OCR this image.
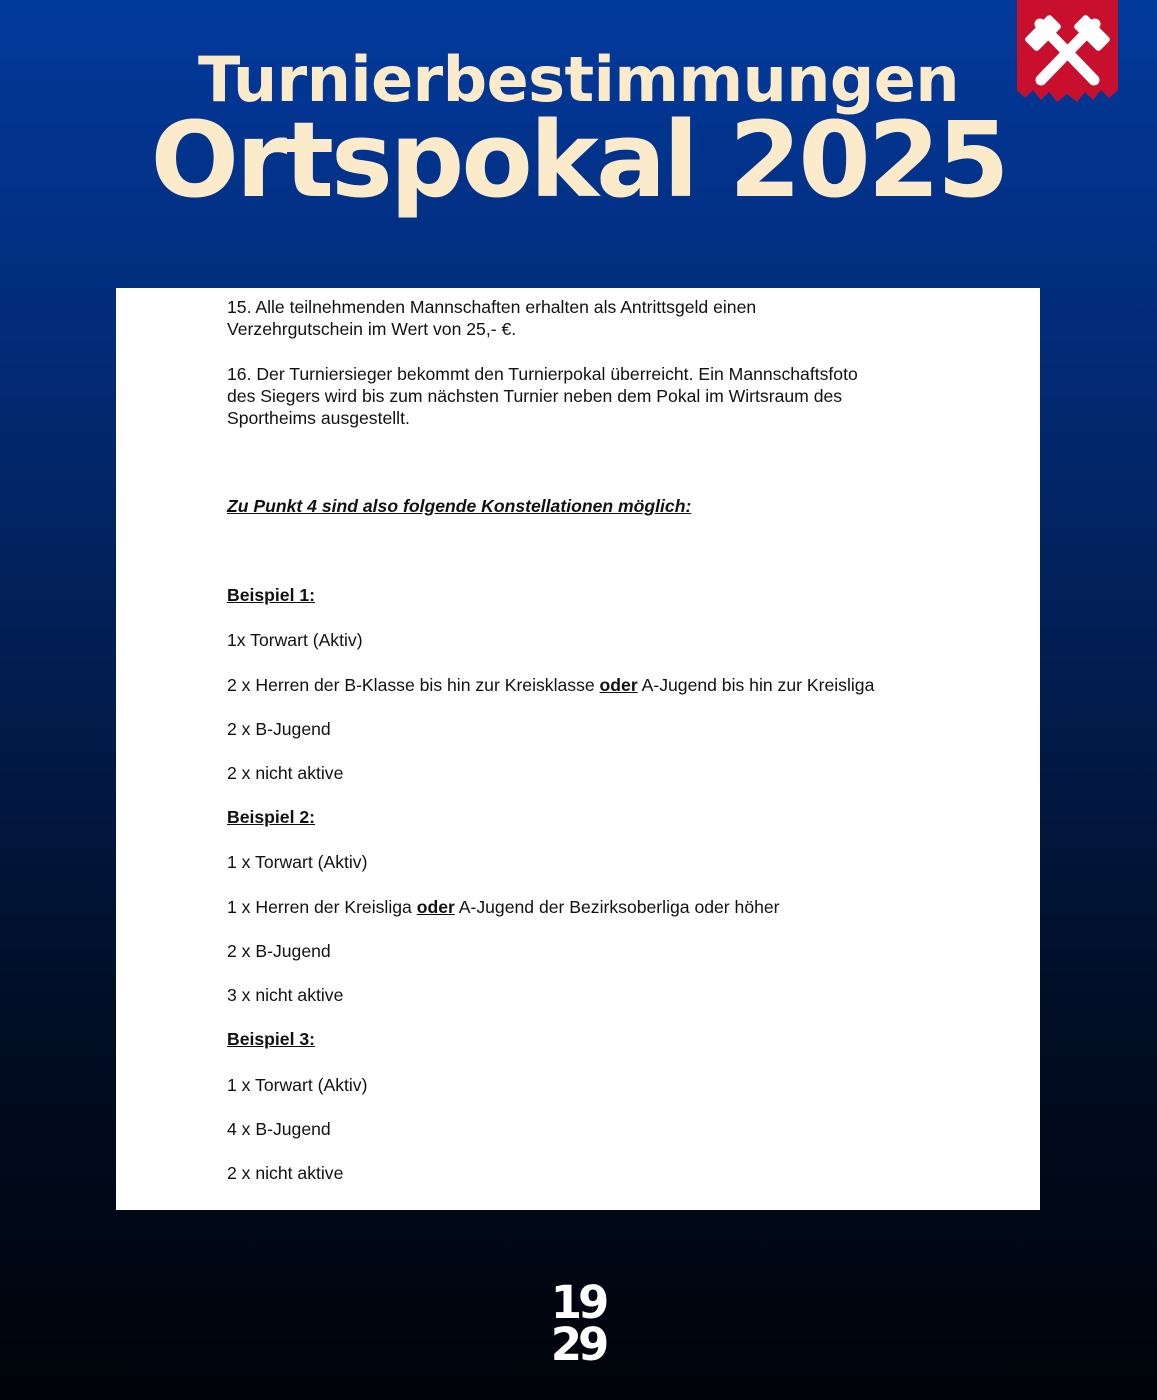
Turnierbestimmungen
Ortspokal 2025
15. Alle teilnehmenden Mannschaften erhalten als Antrittsgeld einen
Verzehrgutschein im Wert von 25,- €.
16. Der Turniersieger bekommt den Turnierpokal überreicht. Ein Mannschaftsfoto
des Siegers wird bis zum nächsten Turnier neben dem Pokal im Wirtsraum des
Sportheims ausgestellt.
Zu Punkt 4 sind also folgende Konstellationen möglich:
Beispiel 1:
1x Torwart (Aktiv)
2 x Herren der B-Klasse bis hin zur Kreisklasse oder A-Jugend bis hin zur Kreisliga
2 x B-Jugend
2 x nicht aktive
Beispiel 2:
1 x Torwart (Aktiv)
1 x Herren der Kreisliga oder A-Jugend der Bezirksoberliga oder höher
2 x B-Jugend
3 x nicht aktive
Beispiel 3:
1 x Torwart (Aktiv)
4 x B-Jugend
2 x nicht aktive
19
29
